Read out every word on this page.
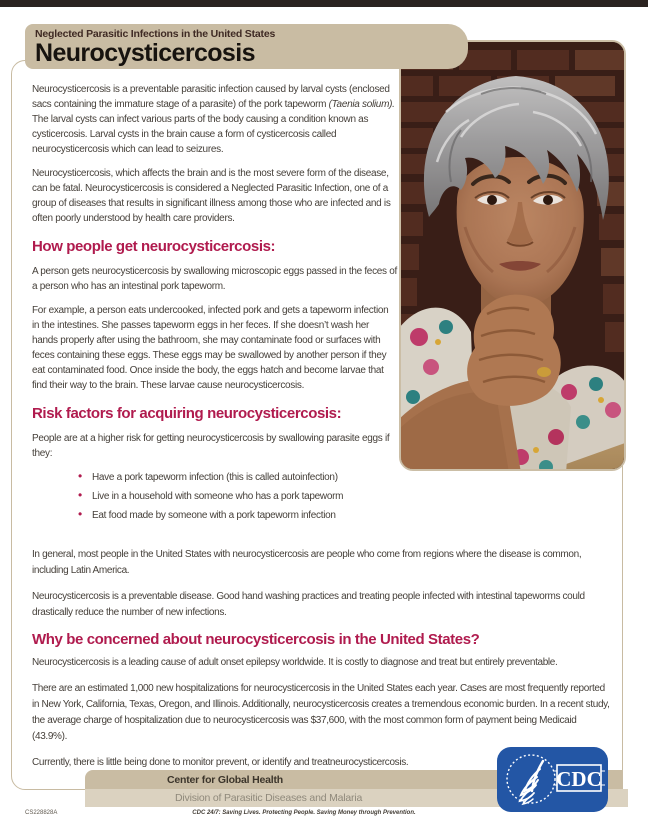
Neglected Parasitic Infections in the United States
Neurocysticercosis

Neurocysticercosis is a preventable parasitic infection caused by larval cysts (enclosed sacs containing the immature stage of a parasite) of the pork tapeworm (Taenia solium). The larval cysts can infect various parts of the body causing a condition known as cysticercosis. Larval cysts in the brain cause a form of cysticercosis called neurocysticercosis which can lead to seizures.

Neurocysticercosis, which affects the brain and is the most severe form of the disease, can be fatal. Neurocysticercosis is considered a Neglected Parasitic Infection, one of a group of diseases that results in significant illness among those who are infected and is often poorly understood by health care providers.

How people get neurocysticercosis:

A person gets neurocysticercosis by swallowing microscopic eggs passed in the feces of a person who has an intestinal pork tapeworm.

For example, a person eats undercooked, infected pork and gets a tapeworm infection in the intestines. She passes tapeworm eggs in her feces. If she doesn’t wash her hands properly after using the bathroom, she may contaminate food or surfaces with feces containing these eggs. These eggs may be swallowed by another person if they eat contaminated food. Once inside the body, the eggs hatch and become larvae that find their way to the brain. These larvae cause neurocysticercosis.

Risk factors for acquiring neurocysticercosis:

People are at a higher risk for getting neurocysticercosis by swallowing parasite eggs if they:

• Have a pork tapeworm infection (this is called autoinfection)
• Live in a household with someone who has a pork tapeworm
• Eat food made by someone with a pork tapeworm infection

In general, most people in the United States with neurocysticercosis are people who come from regions where the disease is common, including Latin America.

Neurocysticercosis is a preventable disease. Good hand washing practices and treating people infected with intestinal tapeworms could drastically reduce the number of new infections.

Why be concerned about neurocysticercosis in the United States?

Neurocysticercosis is a leading cause of adult onset epilepsy worldwide. It is costly to diagnose and treat but entirely preventable.

There are an estimated 1,000 new hospitalizations for neurocysticercosis in the United States each year. Cases are most frequently reported in New York, California, Texas, Oregon, and Illinois. Additionally, neurocysticercosis creates a tremendous economic burden. In a recent study, the average charge of hospitalization due to neurocysticercosis was $37,600, with the most common form of payment being Medicaid (43.9%).

Currently, there is little being done to monitor prevent, or identify and treatneurocysticercosis.

Center for Global Health
Division of Parasitic Diseases and Malaria
CDC
CS228828A	CDC 24/7: Saving Lives. Protecting People. Saving Money through Prevention.
